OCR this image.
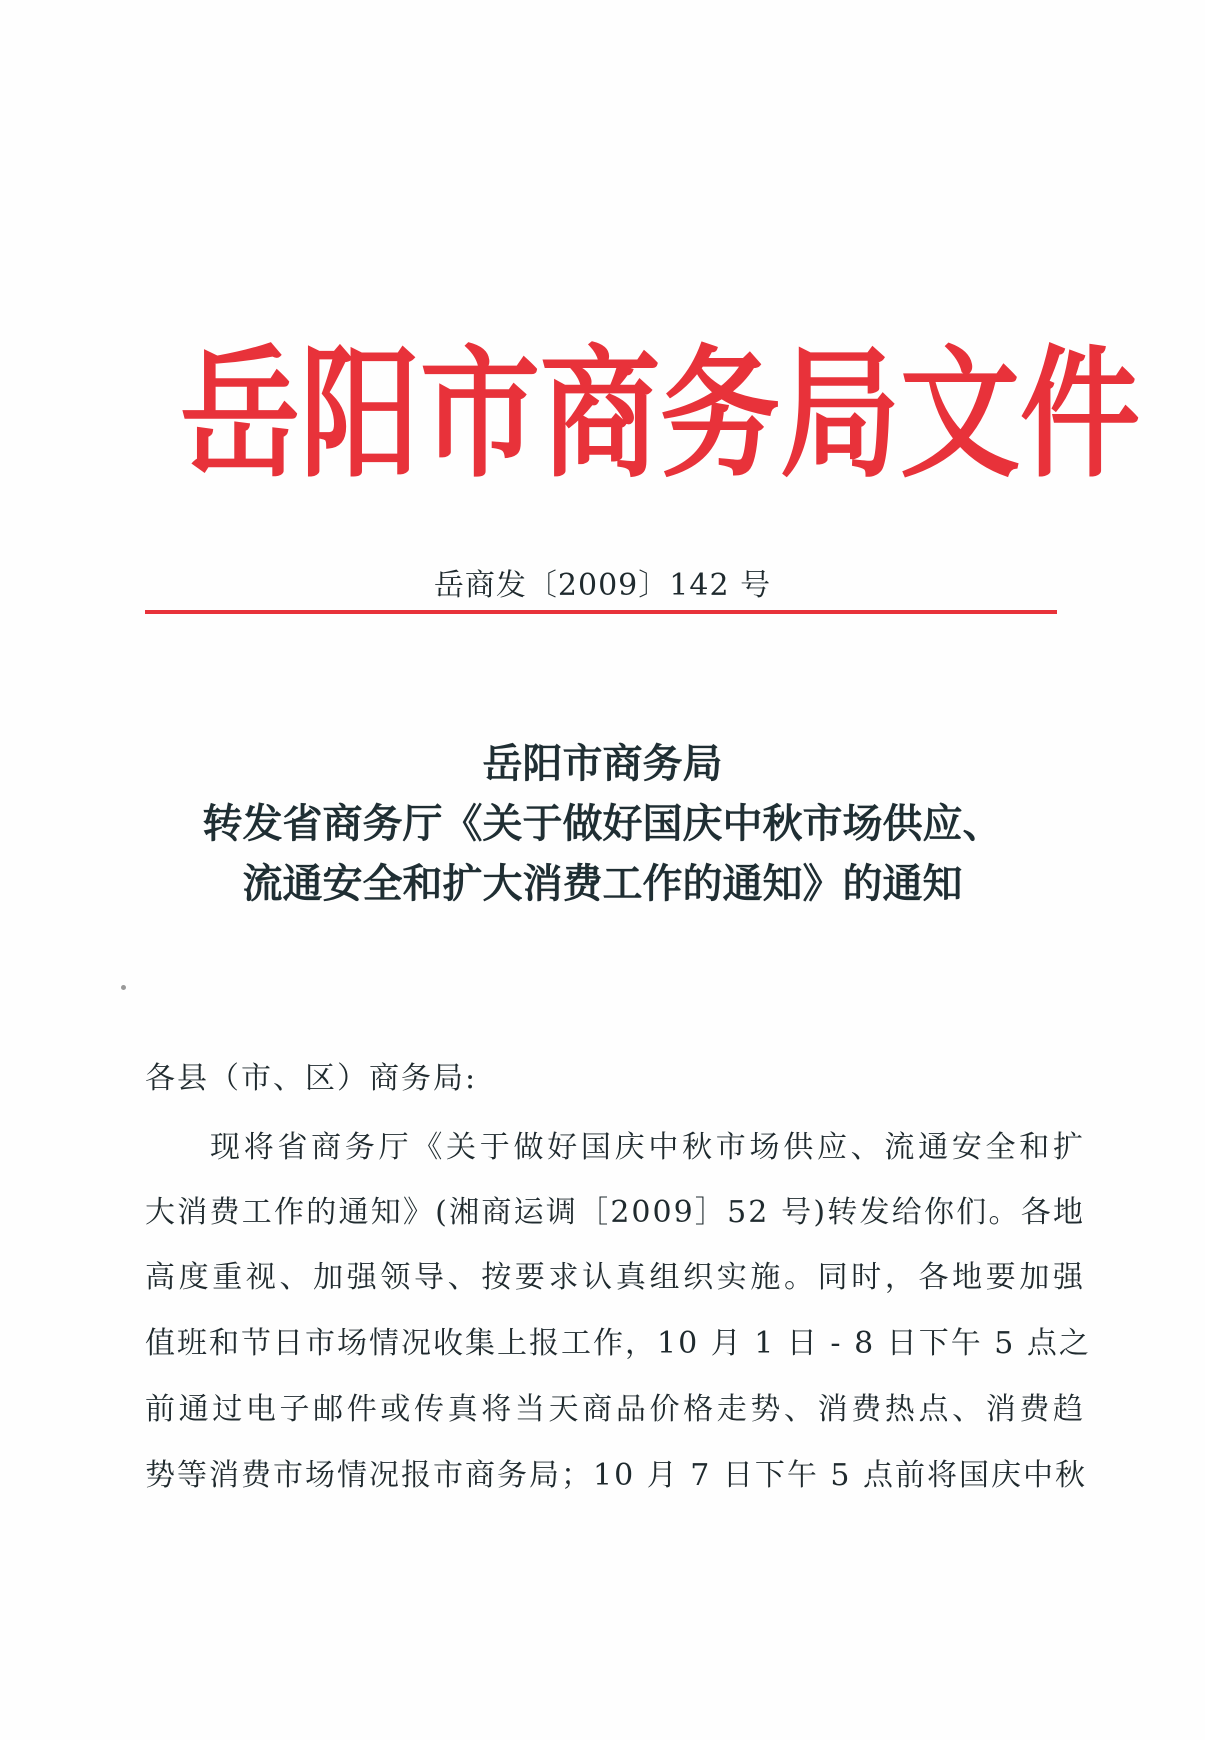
岳 阳 市 商 务 局 文 件
岳商发〔2009〕142 号
岳阳市商务局
转发省商务厅《关于做好国庆中秋市场供应、
流通安全和扩大消费工作的通知》的通知
各县（市、区）商务局:
现将省商务厅《关于做好国庆中秋市场供应、流通安全和扩
大消费工作的通知》(湘商运调［2009］52 号)转发给你们。各地
高度重视、加强领导、按要求认真组织实施。同时，各地要加强
值班和节日市场情况收集上报工作，10 月 1 日 - 8 日下午 5 点之
前通过电子邮件或传真将当天商品价格走势、消费热点、消费趋
势等消费市场情况报市商务局；10 月 7 日下午 5 点前将国庆中秋
